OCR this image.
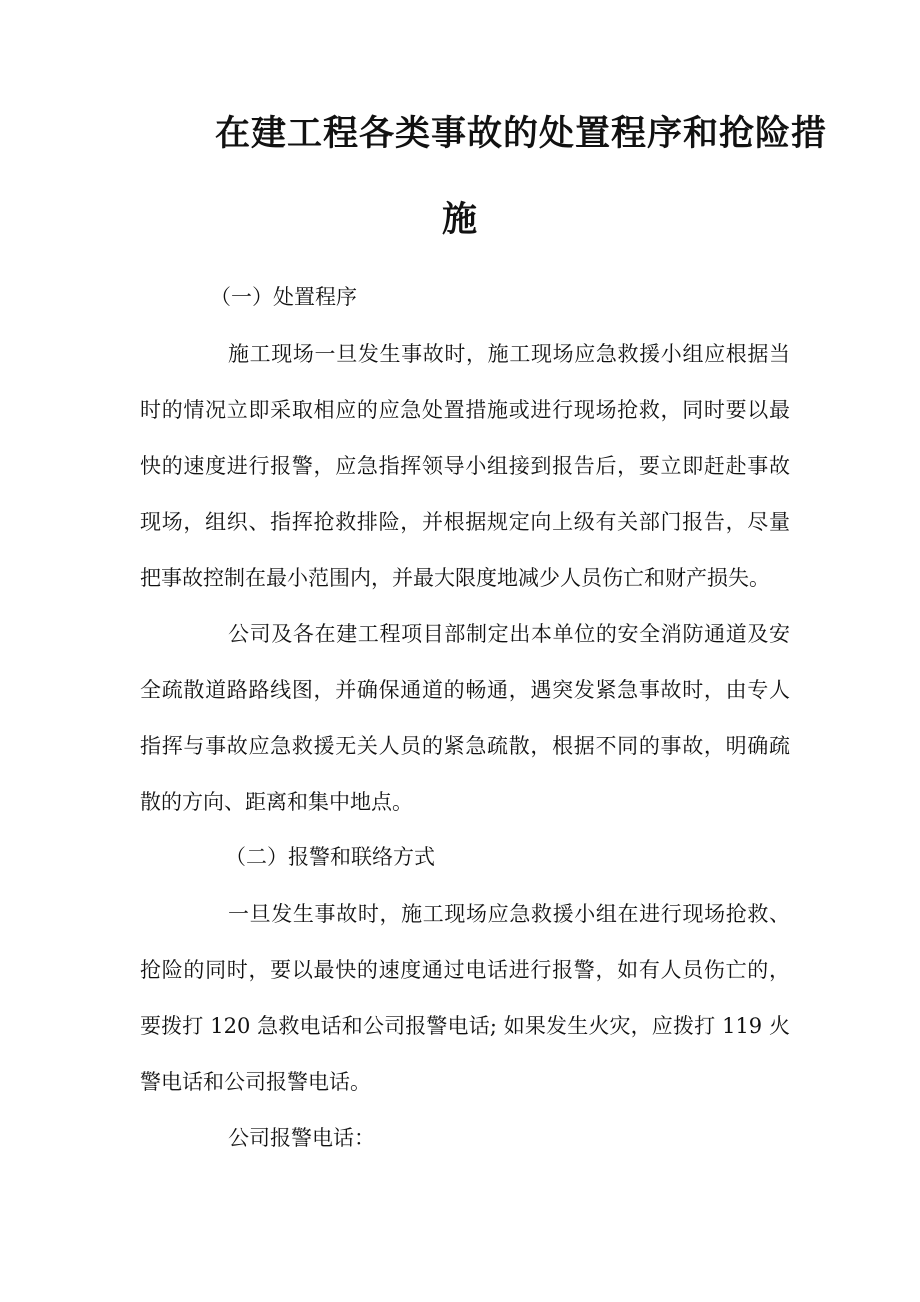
在建工程各类事故的处置程序和抢险措
施
（一）处置程序
施工现场一旦发生事故时，施工现场应急救援小组应根据当时的情况立即采取相应的应急处置措施或进行现场抢救，同时要以最快的速度进行报警，应急指挥领导小组接到报告后，要立即赶赴事故现场，组织、指挥抢救排险，并根据规定向上级有关部门报告，尽量把事故控制在最小范围内，并最大限度地减少人员伤亡和财产损失。
公司及各在建工程项目部制定出本单位的安全消防通道及安全疏散道路路线图，并确保通道的畅通，遇突发紧急事故时，由专人指挥与事故应急救援无关人员的紧急疏散，根据不同的事故，明确疏散的方向、距离和集中地点。
（二）报警和联络方式
一旦发生事故时，施工现场应急救援小组在进行现场抢救、抢险的同时，要以最快的速度通过电话进行报警，如有人员伤亡的，要拨打 120 急救电话和公司报警电话; 如果发生火灾，应拨打 119 火警电话和公司报警电话。
公司报警电话：
